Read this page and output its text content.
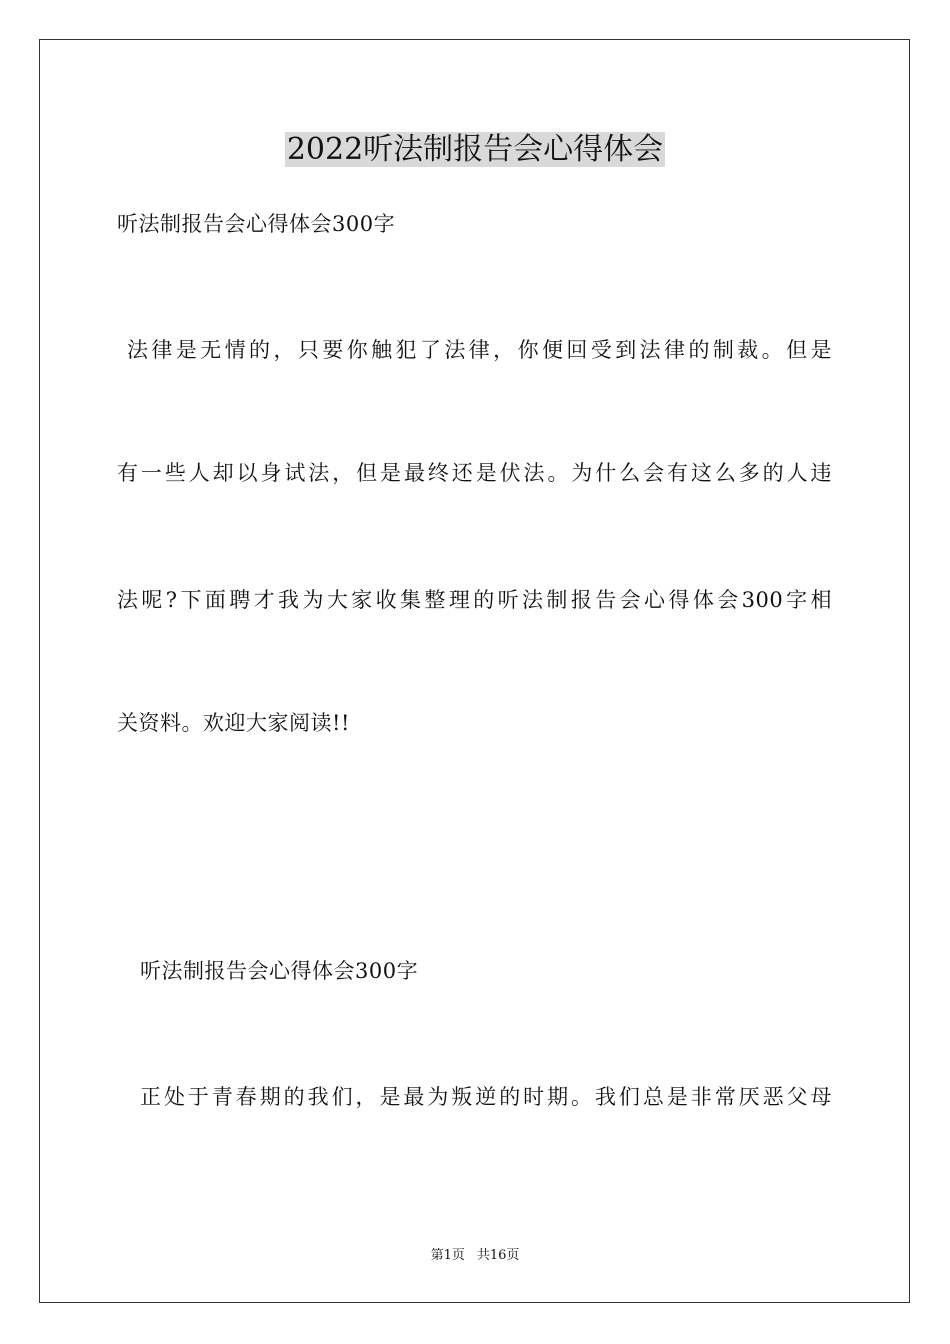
2022听法制报告会心得体会

听法制报告会心得体会300字

法律是无情的，只要你触犯了法律，你便回受到法律的制裁。但是

有一些人却以身试法，但是最终还是伏法。为什么会有这么多的人违

法呢?下面聘才我为大家收集整理的听法制报告会心得体会300字相

关资料。欢迎大家阅读!!

听法制报告会心得体会300字

正处于青春期的我们，是最为叛逆的时期。我们总是非常厌恶父母

第1页 共16页
